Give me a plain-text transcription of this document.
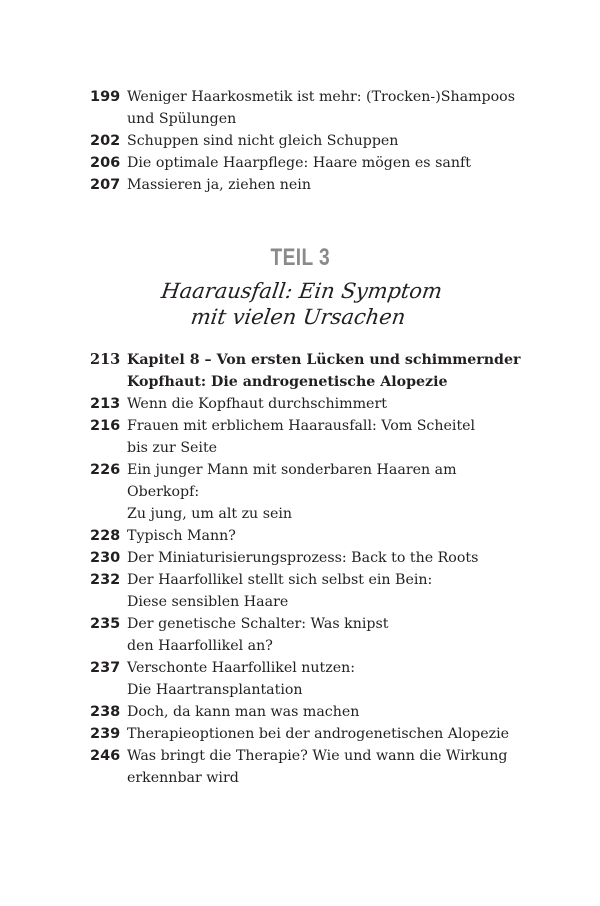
199 Weniger Haarkosmetik ist mehr: (Trocken-)Shampoos
und Spülungen
202 Schuppen sind nicht gleich Schuppen
206 Die optimale Haarpflege: Haare mögen es sanft
207 Massieren ja, ziehen nein
TEIL 3
Haarausfall: Ein Symptom
mit vielen Ursachen
213 Kapitel 8 – Von ersten Lücken und schimmernder
Kopfhaut: Die androgenetische Alopezie
213 Wenn die Kopfhaut durchschimmert
216 Frauen mit erblichem Haarausfall: Vom Scheitel
bis zur Seite
226 Ein junger Mann mit sonderbaren Haaren am Oberkopf:
Zu jung, um alt zu sein
228 Typisch Mann?
230 Der Miniaturisierungsprozess: Back to the Roots
232 Der Haarfollikel stellt sich selbst ein Bein:
Diese sensiblen Haare
235 Der genetische Schalter: Was knipst
den Haarfollikel an?
237 Verschonte Haarfollikel nutzen:
Die Haartransplantation
238 Doch, da kann man was machen
239 Therapieoptionen bei der androgenetischen Alopezie
246 Was bringt die Therapie? Wie und wann die Wirkung
erkennbar wird
